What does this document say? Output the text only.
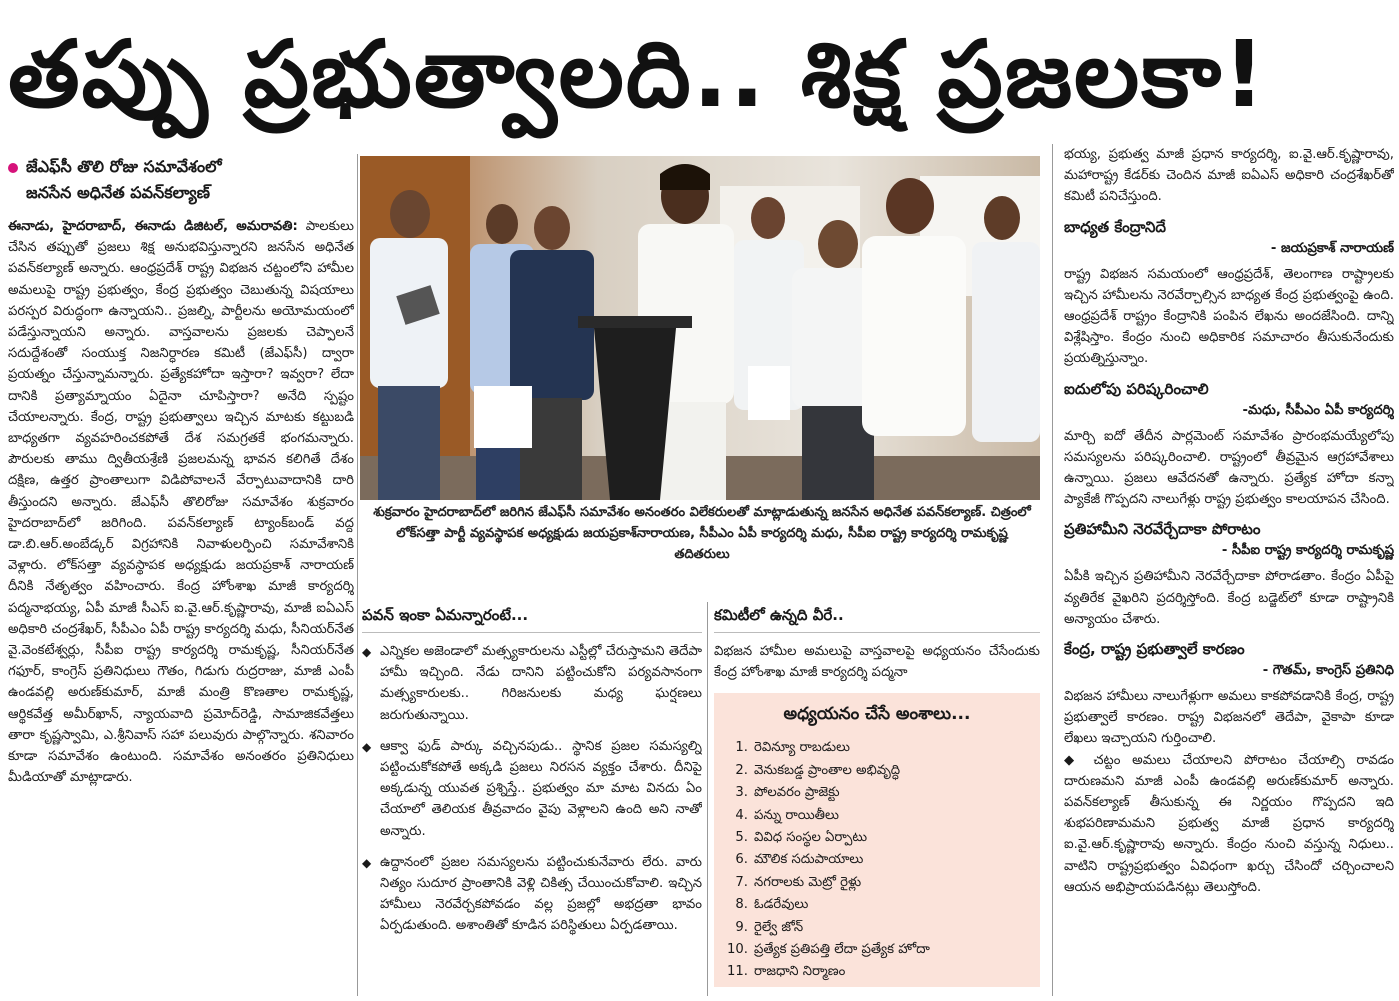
తప్పు ప్రభుత్వాలది.. శిక్ష ప్రజలకా!
జేఎఫ్‌సీ తొలి రోజు సమావేశంలో
జనసేన అధినేత పవన్‌కల్యాణ్

ఈనాడు, హైదరాబాద్, ఈనాడు డిజిటల్, అమరావతి: పాలకులు చేసిన తప్పుతో ప్రజలు శిక్ష అనుభవిస్తున్నారని జనసేన అధినేత పవన్‌కల్యాణ్ అన్నారు. ఆంధ్రప్రదేశ్ రాష్ట్ర విభజన చట్టంలోని హామీల అమలుపై రాష్ట్ర ప్రభుత్వం, కేంద్ర ప్రభుత్వం చెబుతున్న విషయాలు పరస్పర విరుద్ధంగా ఉన్నాయని.. ప్రజల్ని, పార్టీలను అయోమయంలో పడేస్తున్నాయని అన్నారు. వాస్తవాలను ప్రజలకు చెప్పాలనే సదుద్దేశంతో సంయుక్త నిజనిర్ధారణ కమిటీ (జేఎఫ్‌సీ) ద్వారా ప్రయత్నం చేస్తున్నామన్నారు. ప్రత్యేకహోదా ఇస్తారా? ఇవ్వరా? లేదా దానికి ప్రత్యామ్నాయం ఏదైనా చూపిస్తారా? అనేది స్పష్టం చేయాలన్నారు. కేంద్ర, రాష్ట్ర ప్రభుత్వాలు ఇచ్చిన మాటకు కట్టుబడి బాధ్యతగా వ్యవహరించకపోతే దేశ సమగ్రతకే భంగమన్నారు. పౌరులకు తాము ద్వితీయశ్రేణి ప్రజలమన్న భావన కలిగితే దేశం దక్షిణ, ఉత్తర ప్రాంతాలుగా విడిపోవాలనే వేర్పాటువాదానికి దారి తీస్తుందని అన్నారు. జేఎఫ్‌సీ తొలిరోజు సమావేశం శుక్రవారం హైదరాబాద్‌లో జరిగింది. పవన్‌కల్యాణ్ ట్యాంక్‌బండ్ వద్ద డా.బి.ఆర్.అంబేడ్కర్ విగ్రహానికి నివాళులర్పించి సమావేశానికి వెళ్లారు. లోక్‌సత్తా వ్యవస్థాపక అధ్యక్షుడు జయప్రకాశ్ నారాయణ్ దీనికి నేతృత్వం వహించారు. కేంద్ర హోంశాఖ మాజీ కార్యదర్శి పద్మనాభయ్య, ఏపీ మాజీ సీఎస్ ఐ.వై.ఆర్.కృష్ణారావు, మాజీ ఐఏఎస్ అధికారి చంద్రశేఖర్, సీపీఎం ఏపీ రాష్ట్ర కార్యదర్శి మధు, సీనియర్‌నేత వై.వెంకటేశ్వర్లు, సీపీఐ రాష్ట్ర కార్యదర్శి రామకృష్ణ, సీనియర్‌నేత గఫూర్, కాంగ్రెస్ ప్రతినిధులు గౌతం, గిడుగు రుద్రరాజు, మాజీ ఎంపీ ఉండవల్లి అరుణ్‌కుమార్, మాజీ మంత్రి కొణతాల రామకృష్ణ, ఆర్థికవేత్త అమీర్‌ఖాన్, న్యాయవాది ప్రమోద్‌రెడ్డి, సామాజికవేత్తలు తారా కృష్ణస్వామి, ఎ.శ్రీనివాస్ సహా పలువురు పాల్గొన్నారు. శనివారం కూడా సమావేశం ఉంటుంది. సమావేశం అనంతరం ప్రతినిధులు మీడియాతో మాట్లాడారు.

శుక్రవారం హైదరాబాద్‌లో జరిగిన జేఎఫ్‌సీ సమావేశం అనంతరం విలేకరులతో మాట్లాడుతున్న జనసేన అధినేత పవన్‌కల్యాణ్. చిత్రంలో లోక్‌సత్తా పార్టీ వ్యవస్థాపక అధ్యక్షుడు జయప్రకాశ్‌నారాయణ, సీపీఎం ఏపీ కార్యదర్శి మధు, సీపీఐ రాష్ట్ర కార్యదర్శి రామకృష్ణ తదితరులు
పవన్ ఇంకా ఏమన్నారంటే...
◆ ఎన్నికల అజెండాలో మత్స్యకారులను ఎస్టీల్లో చేరుస్తామని తెదేపా హామీ ఇచ్చింది. నేడు దానిని పట్టించుకోని పర్యవసానంగా మత్స్యకారులకు.. గిరిజనులకు మధ్య ఘర్షణలు జరుగుతున్నాయి.
◆ ఆక్వా ఫుడ్ పార్కు వచ్చినపుడు.. స్థానిక ప్రజల సమస్యల్ని పట్టించుకోకపోతే అక్కడి ప్రజలు నిరసన వ్యక్తం చేశారు. దీనిపై అక్కడున్న యువత ప్రశ్నిస్తే.. ప్రభుత్వం మా మాట వినదు ఏం చేయాలో తెలియక తీవ్రవాదం వైపు వెళ్లాలని ఉంది అని నాతో అన్నారు.
◆ ఉద్దానంలో ప్రజల సమస్యలను పట్టించుకునేవారు లేరు. వారు నిత్యం సుదూర ప్రాంతానికి వెళ్లి చికిత్స చేయించుకోవాలి. ఇచ్చిన హామీలు నెరవేర్చకపోవడం వల్ల ప్రజల్లో అభద్రతా భావం ఏర్పడుతుంది. అశాంతితో కూడిన పరిస్థితులు ఏర్పడతాయి.
కమిటీలో ఉన్నది వీరే..

విభజన హామీల అమలుపై వాస్తవాలపై అధ్యయనం చేసేందుకు కేంద్ర హోంశాఖ మాజీ కార్యదర్శి పద్మనా

అధ్యయనం చేసే అంశాలు...
1. రెవిన్యూ రాబడులు
2. వెనుకబడ్డ ప్రాంతాల అభివృద్ధి
3. పోలవరం ప్రాజెక్టు
4. పన్ను రాయితీలు
5. వివిధ సంస్థల ఏర్పాటు
6. మౌలిక సదుపాయాలు
7. నగరాలకు మెట్రో రైళ్లు
8. ఓడరేవులు
9. రైల్వే జోన్
10. ప్రత్యేక ప్రతిపత్తి లేదా ప్రత్యేక హోదా
11. రాజధాని నిర్మాణం

భయ్య, ప్రభుత్వ మాజీ ప్రధాన కార్యదర్శి, ఐ.వై.ఆర్.కృష్ణారావు, మహారాష్ట్ర కేడర్‌కు చెందిన మాజీ ఐఏఎస్ అధికారి చంద్రశేఖర్‌తో కమిటీ పనిచేస్తుంది.

బాధ్యత కేంద్రానిదే
- జయప్రకాశ్ నారాయణ్

రాష్ట్ర విభజన సమయంలో ఆంధ్రప్రదేశ్, తెలంగాణ రాష్ట్రాలకు ఇచ్చిన హామీలను నెరవేర్చాల్సిన బాధ్యత కేంద్ర ప్రభుత్వంపై ఉంది. ఆంధ్రప్రదేశ్ రాష్ట్రం కేంద్రానికి పంపిన లేఖను అందజేసింది. దాన్ని విశ్లేషిస్తాం. కేంద్రం నుంచి అధికారిక సమాచారం తీసుకునేందుకు ప్రయత్నిస్తున్నాం.

ఐదులోపు పరిష్కరించాలి
-మధు, సీపీఎం ఏపీ కార్యదర్శి

మార్చి ఐదో తేదీన పార్లమెంట్ సమావేశం ప్రారంభమయ్యేలోపు సమస్యలను పరిష్కరించాలి. రాష్ట్రంలో తీవ్రమైన ఆగ్రహావేశాలు ఉన్నాయి. ప్రజలు ఆవేదనతో ఉన్నారు. ప్రత్యేక హోదా కన్నా ప్యాకేజీ గొప్పదని నాలుగేళ్లు రాష్ట్ర ప్రభుత్వం కాలయాపన చేసింది.

ప్రతిహామీని నెరవేర్చేదాకా పోరాటం
- సీపీఐ రాష్ట్ర కార్యదర్శి రామకృష్ణ

ఏపీకి ఇచ్చిన ప్రతిహామీని నెరవేర్చేదాకా పోరాడతాం. కేంద్రం ఏపీపై వ్యతిరేక వైఖరిని ప్రదర్శిస్తోంది. కేంద్ర బడ్జెట్‌లో కూడా రాష్ట్రానికి అన్యాయం చేశారు.

కేంద్ర, రాష్ట్ర ప్రభుత్వాలే కారణం
- గౌతమ్, కాంగ్రెస్ ప్రతినిధి

విభజన హామీలు నాలుగేళ్లుగా అమలు కాకపోవడానికి కేంద్ర, రాష్ట్ర ప్రభుత్వాలే కారణం. రాష్ట్ర విభజనలో తెదేపా, వైకాపా కూడా లేఖలు ఇచ్చాయని గుర్తించాలి.

◆ చట్టం అమలు చేయాలని పోరాటం చేయాల్సి రావడం దారుణమని మాజీ ఎంపీ ఉండవల్లి అరుణ్‌కుమార్ అన్నారు. పవన్‌కల్యాణ్ తీసుకున్న ఈ నిర్ణయం గొప్పదని ఇది శుభపరిణామమని ప్రభుత్వ మాజీ ప్రధాన కార్యదర్శి ఐ.వై.ఆర్.కృష్ణారావు అన్నారు. కేంద్రం నుంచి వస్తున్న నిధులు.. వాటిని రాష్ట్రప్రభుత్వం ఏవిధంగా ఖర్చు చేసిందో చర్చించాలని ఆయన అభిప్రాయపడినట్లు తెలుస్తోంది.
